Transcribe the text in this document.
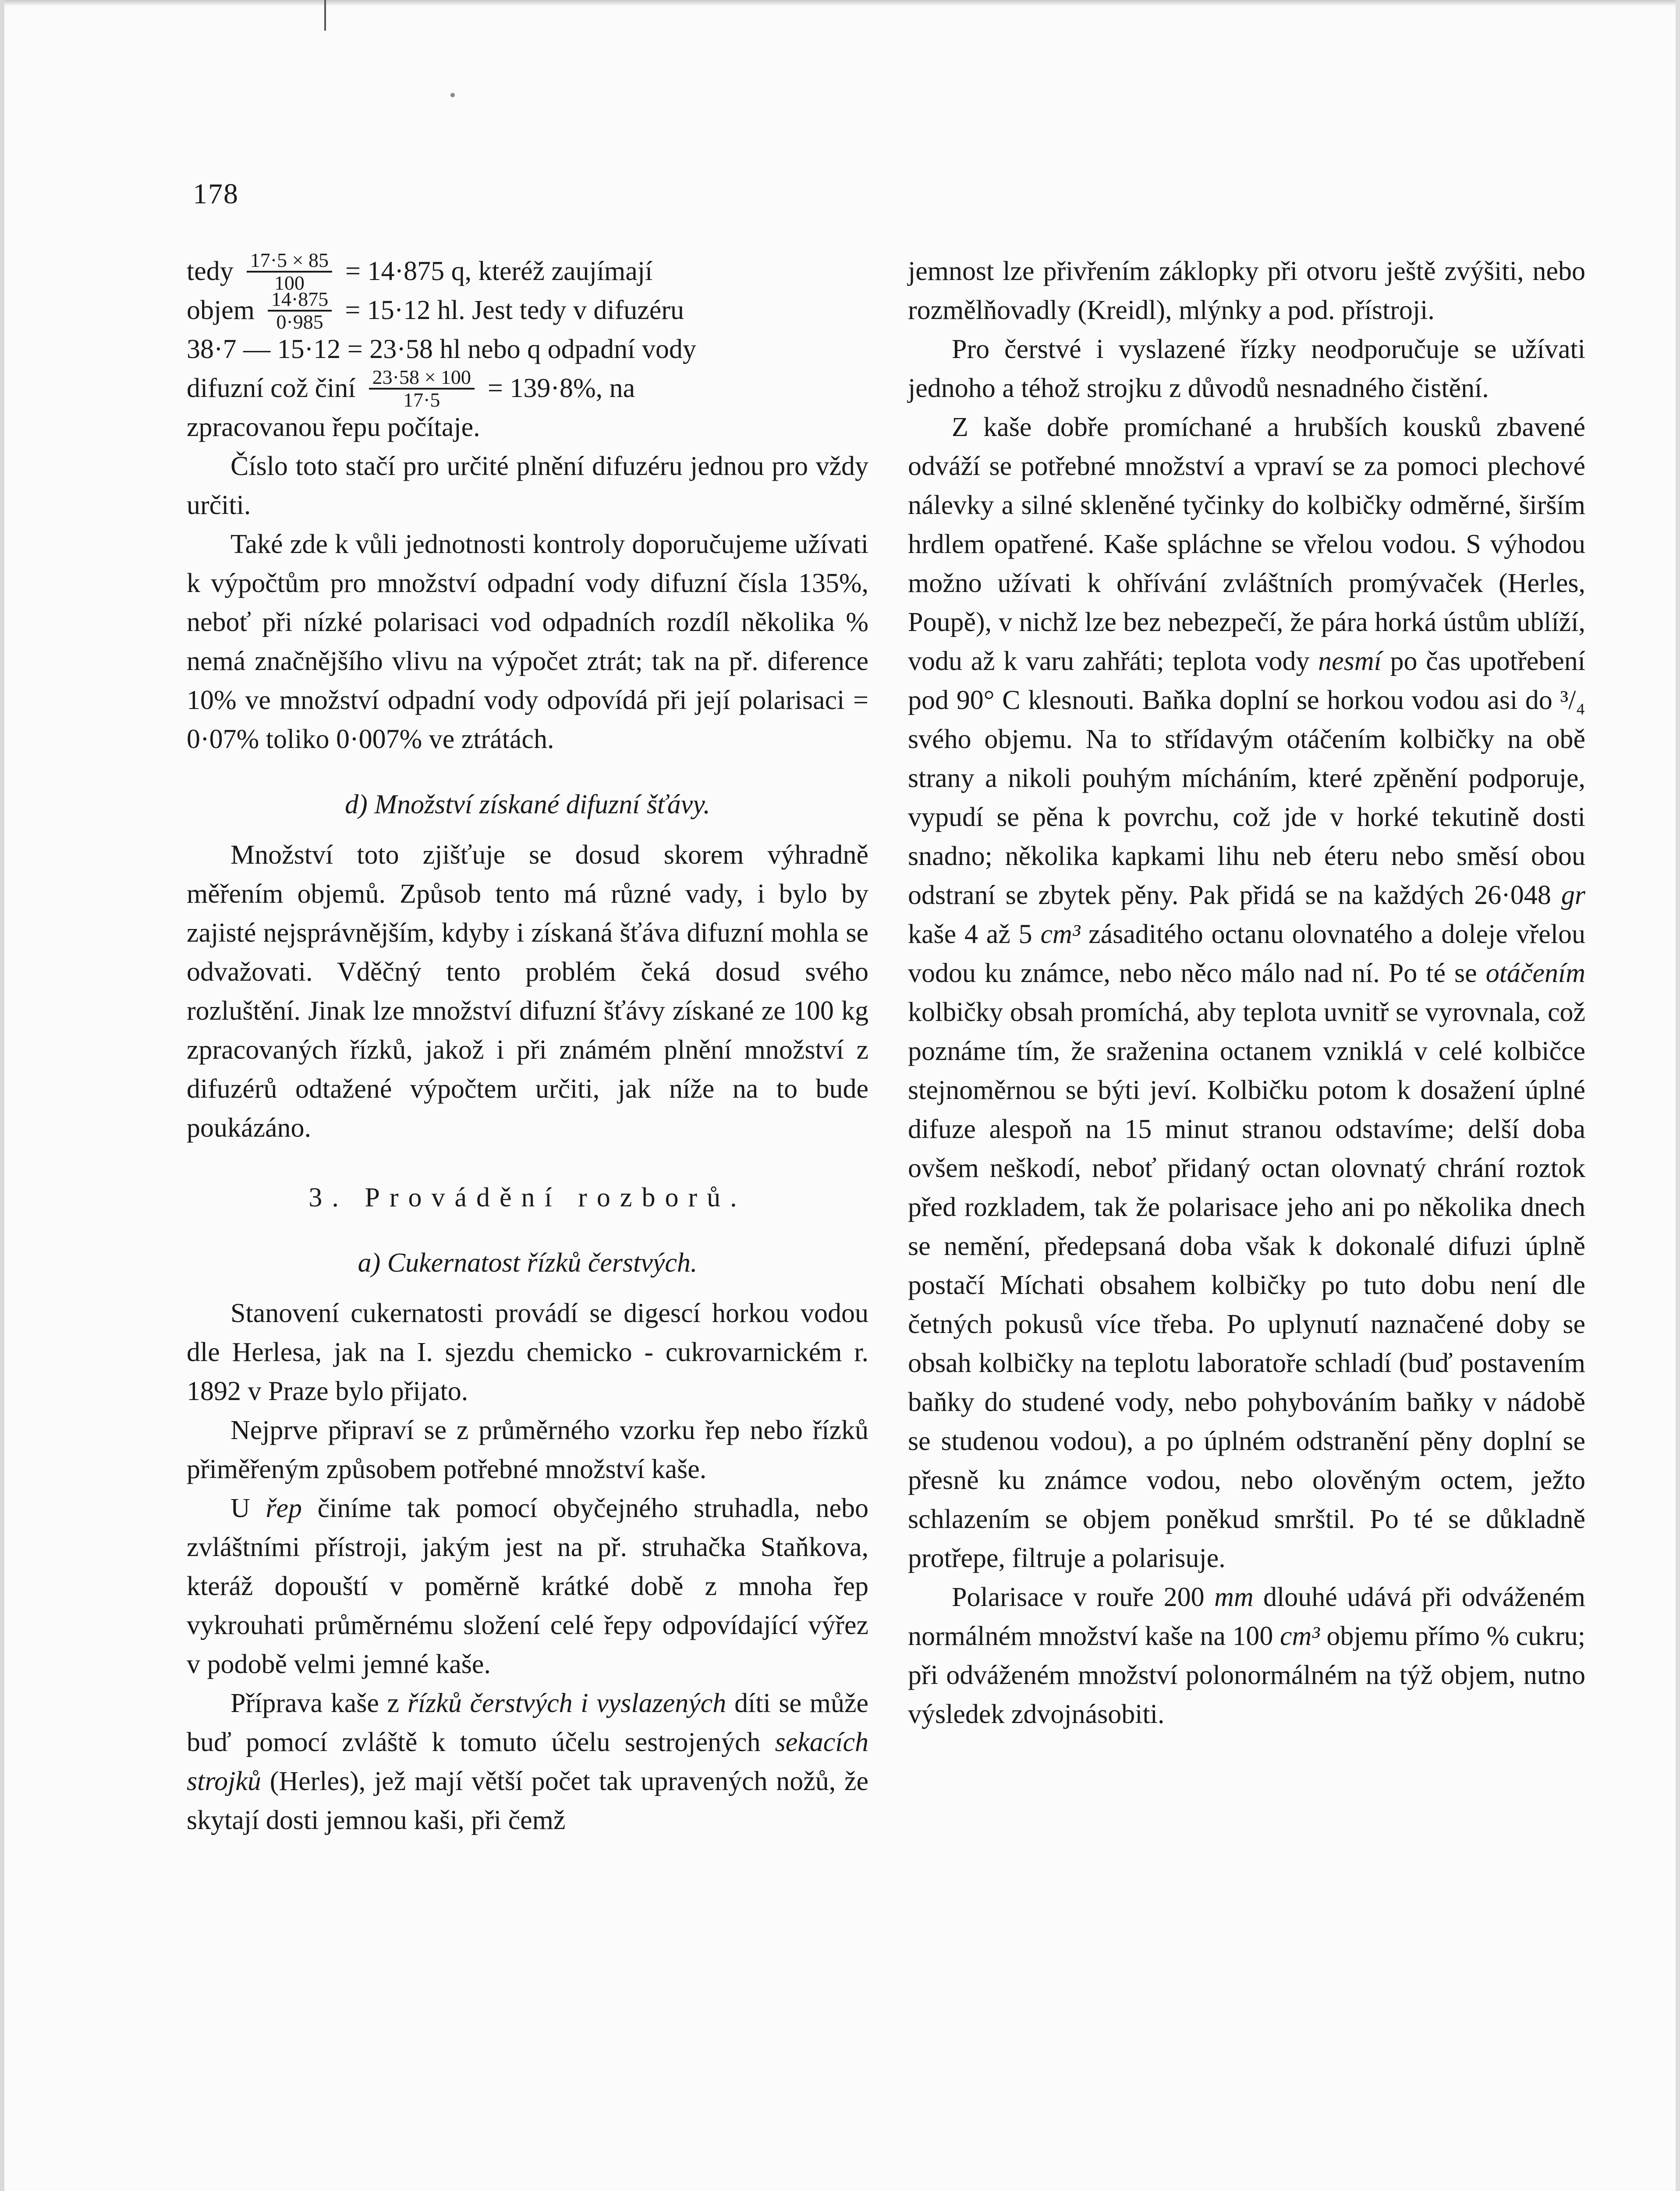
178
tedy $\frac{17\cdot 5 \times 85}{100} = 14\cdot 875$ q, kteréž zaujímají
objem $\frac{14\cdot 875}{0\cdot 985} = 15\cdot 12$ hl. Jest tedy v difuzéru

38·7 — 15·12 = 23·58 hl nebo q odpadní vody

difuzní což činí $\frac{23\cdot 58 \times 100}{17\cdot 5} = 139\cdot 8\%$, na

zpracovanou řepu počítaje.

Číslo toto stačí pro určité plnění difuzéru jednou pro vždy určiti.

Také zde k vůli jednotnosti kontroly doporučujeme užívati k výpočtům pro množství odpadní vody difuzní čísla 135%, neboť při nízké polarisaci vod odpadních rozdíl několika % nemá značnějšího vlivu na výpočet ztrát; tak na př. diference 10% ve množství odpadní vody odpovídá při její polarisaci = 0·07% toliko 0·007% ve ztrátách.

d) Množství získané difuzní šťávy.

Množství toto zjišťuje se dosud skorem výhradně měřením objemů. Způsob tento má různé vady, i bylo by zajisté nejsprávnějším, kdyby i získaná šťáva difuzní mohla se odvažovati. Vděčný tento problém čeká dosud svého rozluštění. Jinak lze množství difuzní šťávy získané ze 100 kg zpracovaných řízků, jakož i při známém plnění množství z difuzérů odtažené výpočtem určiti, jak níže na to bude poukázáno.

3. Provádění rozborů.

a) Cukernatost řízků čerstvých.

Stanovení cukernatosti provádí se digescí horkou vodou dle Herlesa, jak na I. sjezdu chemicko - cukrovarnickém r. 1892 v Praze bylo přijato.

Nejprve připraví se z průměrného vzorku řep nebo řízků přiměřeným způsobem potřebné množství kaše.

U řep činíme tak pomocí obyčejného struhadla, nebo zvláštními přístroji, jakým jest na př. struhačka Staňkova, kteráž dopouští v poměrně krátké době z mnoha řep vykrouhati průměrnému složení celé řepy odpovídající výřez v podobě velmi jemné kaše.

Příprava kaše z řízků čerstvých i vyslazených díti se může buď pomocí zvláště k tomuto účelu sestrojených sekacích strojků (Herles), jež mají větší počet tak upravených nožů, že skytají dosti jemnou kaši, při čemž

jemnost lze přivřením záklopky při otvoru ještě zvýšiti, nebo rozmělňovadly (Kreidl), mlýnky a pod. přístroji.

Pro čerstvé i vyslazené řízky neodporučuje se užívati jednoho a téhož strojku z důvodů nesnadného čistění.

Z kaše dobře promíchané a hrubších kousků zbavené odváží se potřebné množství a vpraví se za pomoci plechové nálevky a silné skleněné tyčinky do kolbičky odměrné, širším hrdlem opatřené. Kaše spláchne se vřelou vodou. S výhodou možno užívati k ohřívání zvláštních promývaček (Herles, Poupě), v nichž lze bez nebezpečí, že pára horká ústům ublíží, vodu až k varu zahřáti; teplota vody nesmí po čas upotřebení pod 90° C klesnouti. Baňka doplní se horkou vodou asi do ³/₄ svého objemu. Na to střídavým otáčením kolbičky na obě strany a nikoli pouhým mícháním, které zpěnění podporuje, vypudí se pěna k povrchu, což jde v horké tekutině dosti snadno; několika kapkami lihu neb éteru nebo směsí obou odstraní se zbytek pěny. Pak přidá se na každých 26·048 gr kaše 4 až 5 cm³ zásaditého octanu olovnatého a doleje vřelou vodou ku známce, nebo něco málo nad ní. Po té se otáčením kolbičky obsah promíchá, aby teplota uvnitř se vyrovnala, což poznáme tím, že sraženina octanem vzniklá v celé kolbičce stejnoměrnou se býti jeví. Kolbičku potom k dosažení úplné difuze alespoň na 15 minut stranou odstavíme; delší doba ovšem neškodí, neboť přidaný octan olovnatý chrání roztok před rozkladem, tak že polarisace jeho ani po několika dnech se nemění, předepsaná doba však k dokonalé difuzi úplně postačí Míchati obsahem kolbičky po tuto dobu není dle četných pokusů více třeba. Po uplynutí naznačené doby se obsah kolbičky na teplotu laboratoře schladí (buď postavením baňky do studené vody, nebo pohybováním baňky v nádobě se studenou vodou), a po úplném odstranění pěny doplní se přesně ku známce vodou, nebo olověným octem, ježto schlazením se objem poněkud smrštil. Po té se důkladně protřepe, filtruje a polarisuje.

Polarisace v rouře 200 mm dlouhé udává při odváženém normálném množství kaše na 100 cm³ objemu přímo % cukru; při odváženém množství polonormálném na týž objem, nutno výsledek zdvojnásobiti.
